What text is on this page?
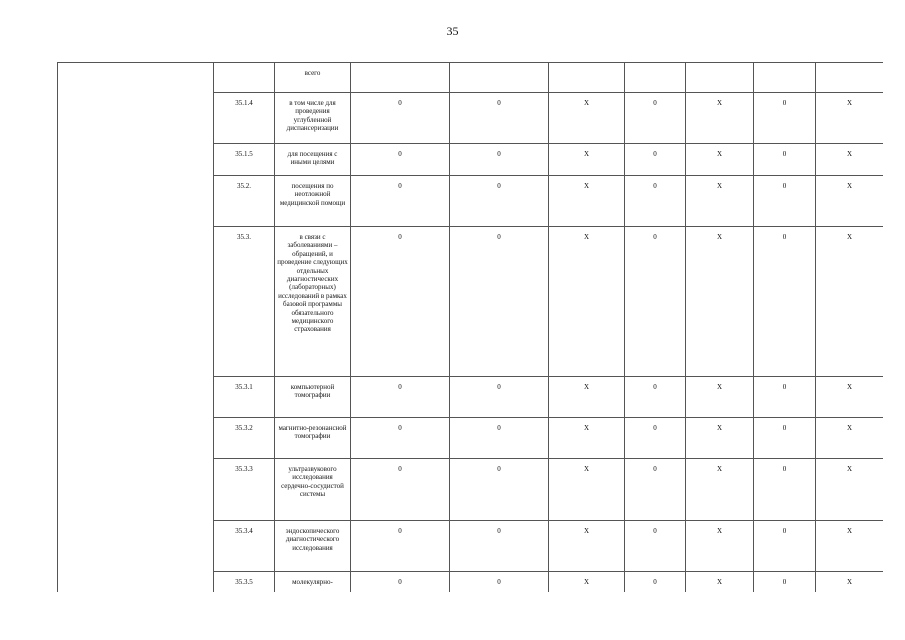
35
	всего							
35.1.4	в том числе для проведения углубленной диспансеризации	0	0	X	0	X	0	X
35.1.5	для посещения с иными целями	0	0	X	0	X	0	X
35.2.	посещения по неотложной медицинской помощи	0	0	X	0	X	0	X
35.3.	в связи с заболеваниями – обращений, и проведение следующих отдельных диагностических (лабораторных) исследований в рамках базовой программы обязательного медицинского страхования	0	0	X	0	X	0	X
35.3.1	компьютерной томографии	0	0	X	0	X	0	X
35.3.2	магнитно-резонансной томографии	0	0	X	0	X	0	X
35.3.3	ультразвукового исследования сердечно-сосудистой системы	0	0	X	0	X	0	X
35.3.4	эндоскопического диагностического исследования	0	0	X	0	X	0	X
35.3.5	молекулярно-	0	0	X	0	X	0	X
